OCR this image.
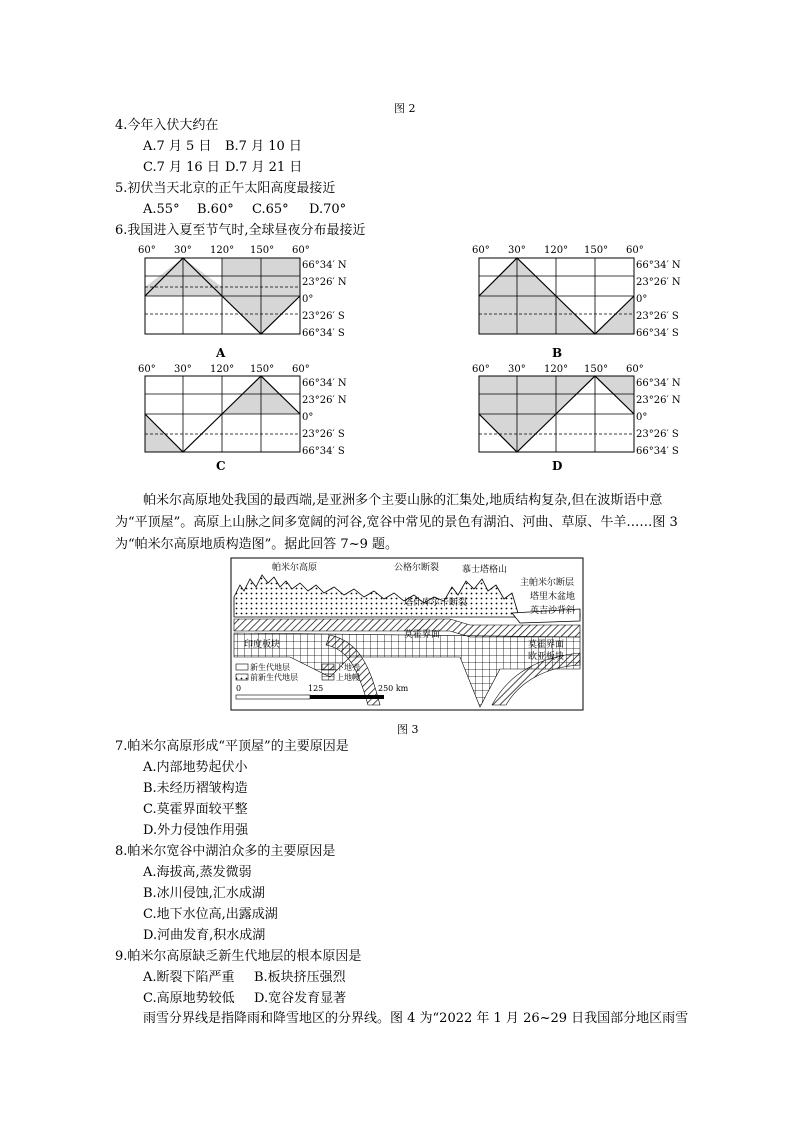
图 2
4.今年入伏大约在
A.7 月 5 日 B.7 月 10 日
C.7 月 16 日 D.7 月 21 日
5.初伏当天北京的正午太阳高度最接近
A.55° B.60° C.65° D.70°
6.我国进入夏至节气时,全球昼夜分布最接近
60° 30° 120° 150° 60°	60° 30° 120° 150° 60°
60° 30° 120° 150° 60°	60° 30° 120° 150° 60°
66°34′ N
23°26′ N
0°
23°26′ S
66°34′ S
66°34′ N
23°26′ N
0°
23°26′ S
66°34′ S
66°34′ N
23°26′ N
0°
23°26′ S
66°34′ S
66°34′ N
23°26′ N
0°
23°26′ S
66°34′ S
A	B
C	D
帕米尔高原地处我国的最西端,是亚洲多个主要山脉的汇集处,地质结构复杂,但在波斯语中意
为“平顶屋”。高原上山脉之间多宽阔的河谷,宽谷中常见的景色有湖泊、河曲、草原、牛羊……图 3
为“帕米尔高原地质构造图”。据此回答 7~9 题。
帕米尔高原	公格尔断裂	慕士塔格山
主帕米尔断层
塔里木盆地
塔什库尔干断裂
英吉沙背斜
莫霍界面
印度板块	莫霍界面
欧亚板块
新生代地层
前新生代地层
下地壳
上地幔
0	125	250 km
图 3
7.帕米尔高原形成“平顶屋”的主要原因是
A.内部地势起伏小
B.未经历褶皱构造
C.莫霍界面较平整
D.外力侵蚀作用强
8.帕米尔宽谷中湖泊众多的主要原因是
A.海拔高,蒸发微弱
B.冰川侵蚀,汇水成湖
C.地下水位高,出露成湖
D.河曲发育,积水成湖
9.帕米尔高原缺乏新生代地层的根本原因是
A.断裂下陷严重 B.板块挤压强烈
C.高原地势较低 D.宽谷发育显著
雨雪分界线是指降雨和降雪地区的分界线。图 4 为“2022 年 1 月 26~29 日我国部分地区雨雪
